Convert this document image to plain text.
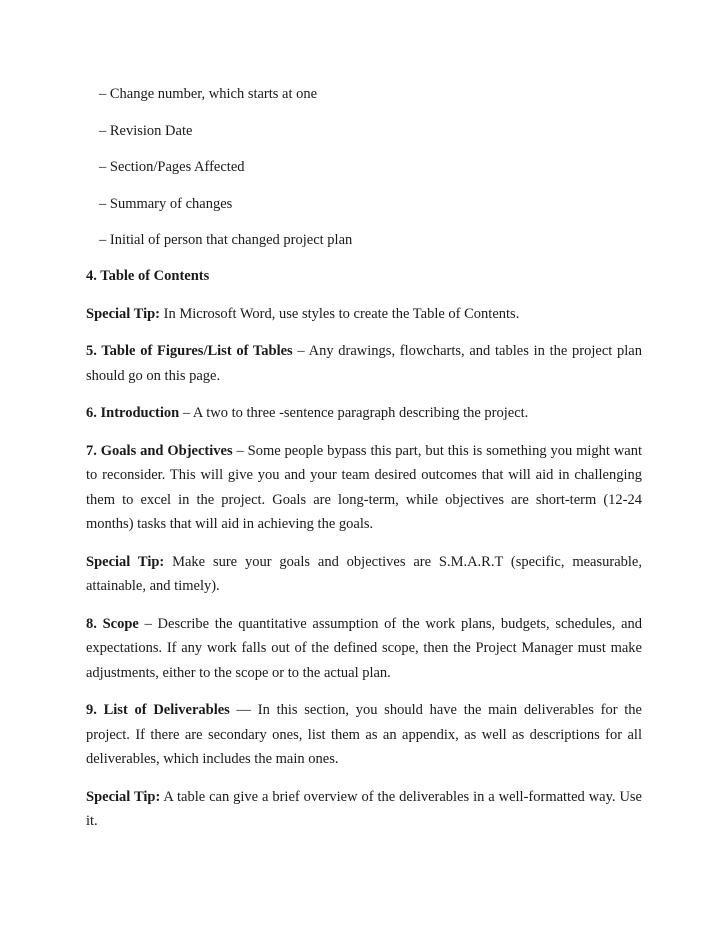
– Change number, which starts at one
– Revision Date
– Section/Pages Affected
– Summary of changes
– Initial of person that changed project plan

4. Table of Contents

Special Tip: In Microsoft Word, use styles to create the Table of Contents.

5. Table of Figures/List of Tables – Any drawings, flowcharts, and tables in the project plan should go on this page.

6. Introduction – A two to three -sentence paragraph describing the project.

7. Goals and Objectives – Some people bypass this part, but this is something you might want to reconsider. This will give you and your team desired outcomes that will aid in challenging them to excel in the project. Goals are long-term, while objectives are short-term (12-24 months) tasks that will aid in achieving the goals.

Special Tip: Make sure your goals and objectives are S.M.A.R.T (specific, measurable, attainable, and timely).

8. Scope – Describe the quantitative assumption of the work plans, budgets, schedules, and expectations. If any work falls out of the defined scope, then the Project Manager must make adjustments, either to the scope or to the actual plan.

9. List of Deliverables — In this section, you should have the main deliverables for the project. If there are secondary ones, list them as an appendix, as well as descriptions for all deliverables, which includes the main ones.

Special Tip: A table can give a brief overview of the deliverables in a well-formatted way. Use it.
